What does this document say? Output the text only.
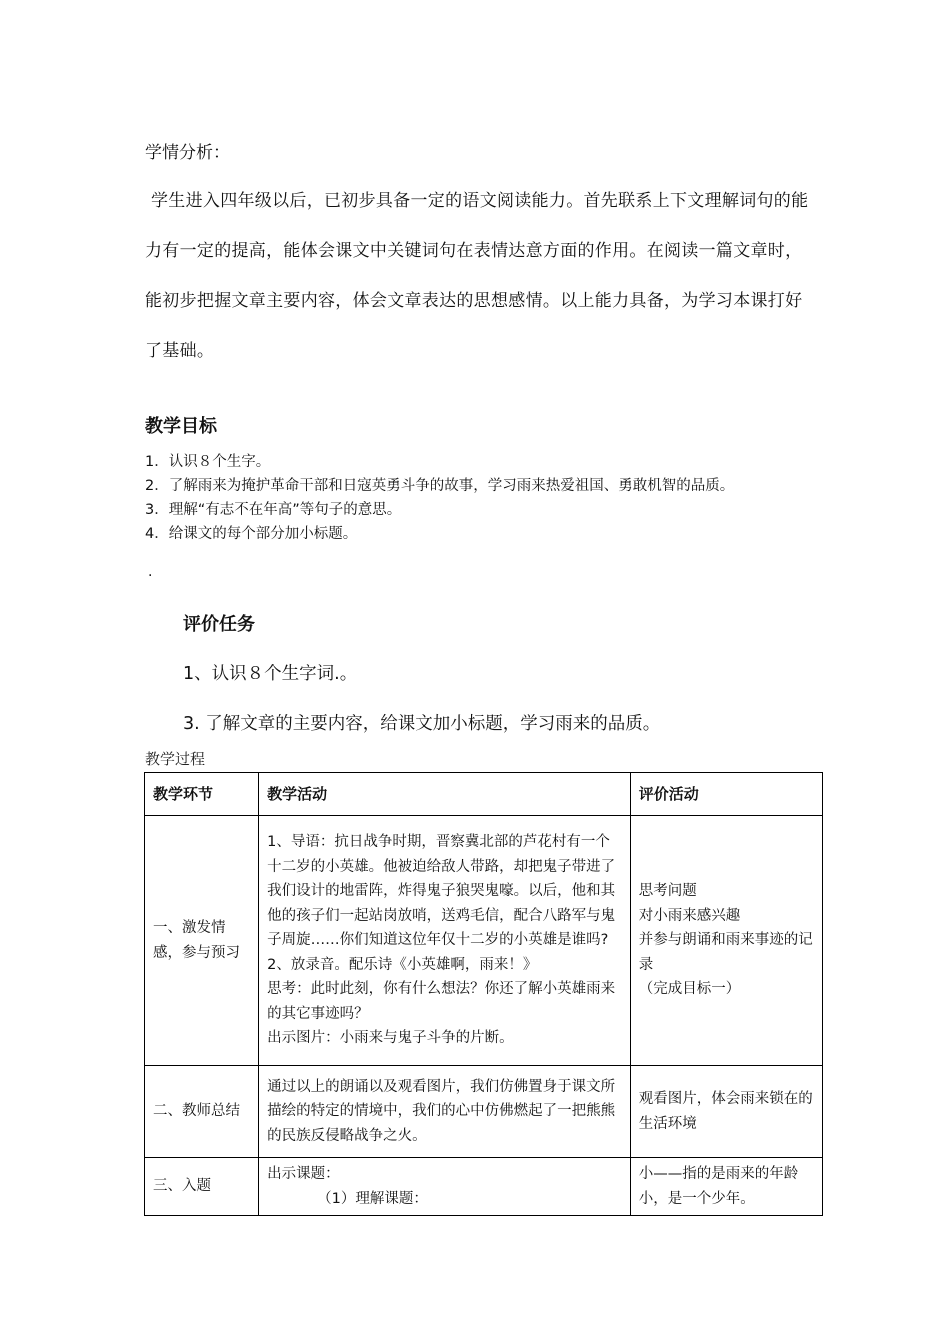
学情分析：
学生进入四年级以后，已初步具备一定的语文阅读能力。首先联系上下文理解词句的能力有一定的提高，能体会课文中关键词句在表情达意方面的作用。在阅读一篇文章时，能初步把握文章主要内容，体会文章表达的思想感情。以上能力具备，为学习本课打好了基础。
教学目标
1．认识８个生字。
2．了解雨来为掩护革命干部和日寇英勇斗争的故事，学习雨来热爱祖国、勇敢机智的品质。
3．理解“有志不在年高”等句子的意思。
4．给课文的每个部分加小标题。
.
评价任务
1、认识８个生字词.。
3. 了解文章的主要内容，给课文加小标题，学习雨来的品质。
教学过程
教学环节	教学活动	评价活动
一、激发情感，参与预习	1、导语：抗日战争时期，晋察冀北部的芦花村有一个十二岁的小英雄。他被迫给敌人带路，却把鬼子带进了我们设计的地雷阵，炸得鬼子狼哭鬼嚎。以后，他和其他的孩子们一起站岗放哨，送鸡毛信，配合八路军与鬼子周旋……你们知道这位年仅十二岁的小英雄是谁吗?
2、放录音。配乐诗《小英雄啊，雨来！》
思考：此时此刻，你有什么想法？你还了解小英雄雨来的其它事迹吗？
出示图片：小雨来与鬼子斗争的片断。	思考问题
对小雨来感兴趣
并参与朗诵和雨来事迹的记录
（完成目标一）

二、教师总结	通过以上的朗诵以及观看图片，我们仿佛置身于课文所描绘的特定的情境中，我们的心中仿佛燃起了一把熊熊的民族反侵略战争之火。	观看图片，体会雨来锁在的生活环境

三、入题	出示课题：
（1）理解课题：	小——指的是雨来的年龄小，是一个少年。
